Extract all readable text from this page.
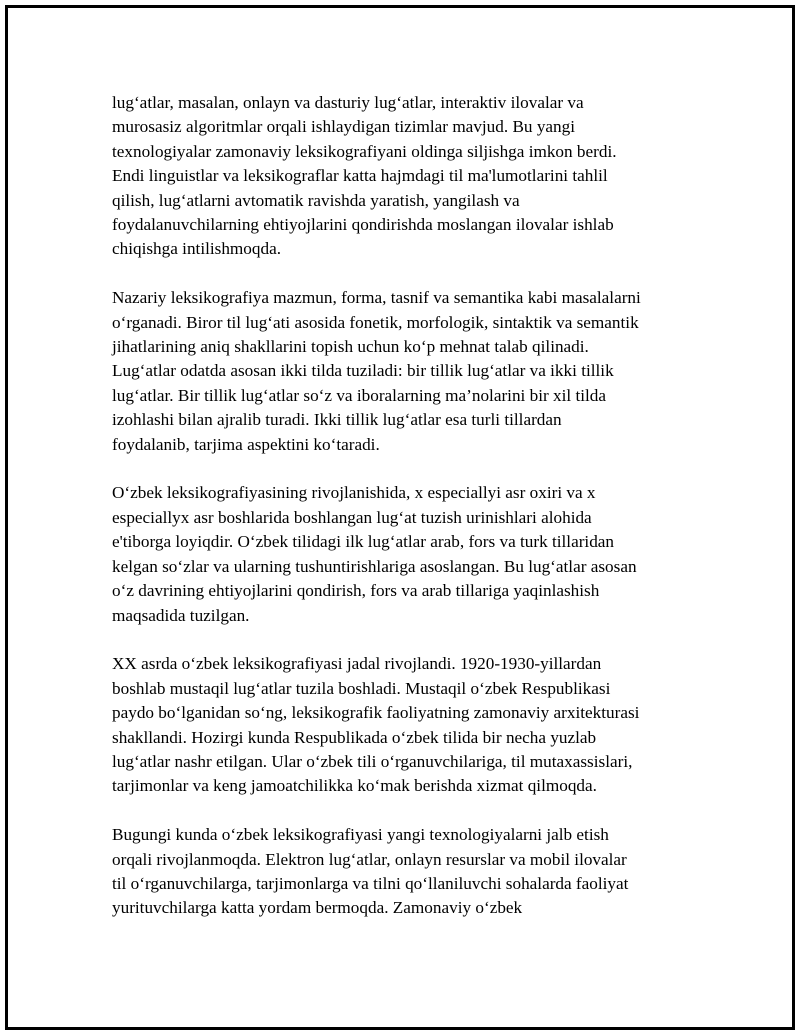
lug‘atlar, masalan, onlayn va dasturiy lug‘atlar, interaktiv ilovalar va
murosasiz algoritmlar orqali ishlaydigan tizimlar mavjud. Bu yangi
texnologiyalar zamonaviy leksikografiyani oldinga siljishga imkon berdi.
Endi linguistlar va leksikograflar katta hajmdagi til ma'lumotlarini tahlil
qilish, lug‘atlarni avtomatik ravishda yaratish, yangilash va
foydalanuvchilarning ehtiyojlarini qondirishda moslangan ilovalar ishlab
chiqishga intilishmoqda.

Nazariy leksikografiya mazmun, forma, tasnif va semantika kabi masalalarni
o‘rganadi. Biror til lug‘ati asosida fonetik, morfologik, sintaktik va semantik
jihatlarining aniq shakllarini topish uchun ko‘p mehnat talab qilinadi.
Lug‘atlar odatda asosan ikki tilda tuziladi: bir tillik lug‘atlar va ikki tillik
lug‘atlar. Bir tillik lug‘atlar so‘z va iboralarning ma’nolarini bir xil tilda
izohlashi bilan ajralib turadi. Ikki tillik lug‘atlar esa turli tillardan
foydalanib, tarjima aspektini ko‘taradi.

O‘zbek leksikografiyasining rivojlanishida, x especiallyi asr oxiri va x
especiallyx asr boshlarida boshlangan lug‘at tuzish urinishlari alohida
e'tiborga loyiqdir. O‘zbek tilidagi ilk lug‘atlar arab, fors va turk tillaridan
kelgan so‘zlar va ularning tushuntirishlariga asoslangan. Bu lug‘atlar asosan
o‘z davrining ehtiyojlarini qondirish, fors va arab tillariga yaqinlashish
maqsadida tuzilgan.

XX asrda o‘zbek leksikografiyasi jadal rivojlandi. 1920-1930-yillardan
boshlab mustaqil lug‘atlar tuzila boshladi. Mustaqil o‘zbek Respublikasi
paydo bo‘lganidan so‘ng, leksikografik faoliyatning zamonaviy arxitekturasi
shakllandi. Hozirgi kunda Respublikada o‘zbek tilida bir necha yuzlab
lug‘atlar nashr etilgan. Ular o‘zbek tili o‘rganuvchilariga, til mutaxassislari,
tarjimonlar va keng jamoatchilikka ko‘mak berishda xizmat qilmoqda.

Bugungi kunda o‘zbek leksikografiyasi yangi texnologiyalarni jalb etish
orqali rivojlanmoqda. Elektron lug‘atlar, onlayn resurslar va mobil ilovalar
til o‘rganuvchilarga, tarjimonlarga va tilni qo‘llaniluvchi sohalarda faoliyat
yurituvchilarga katta yordam bermoqda. Zamonaviy o‘zbek
